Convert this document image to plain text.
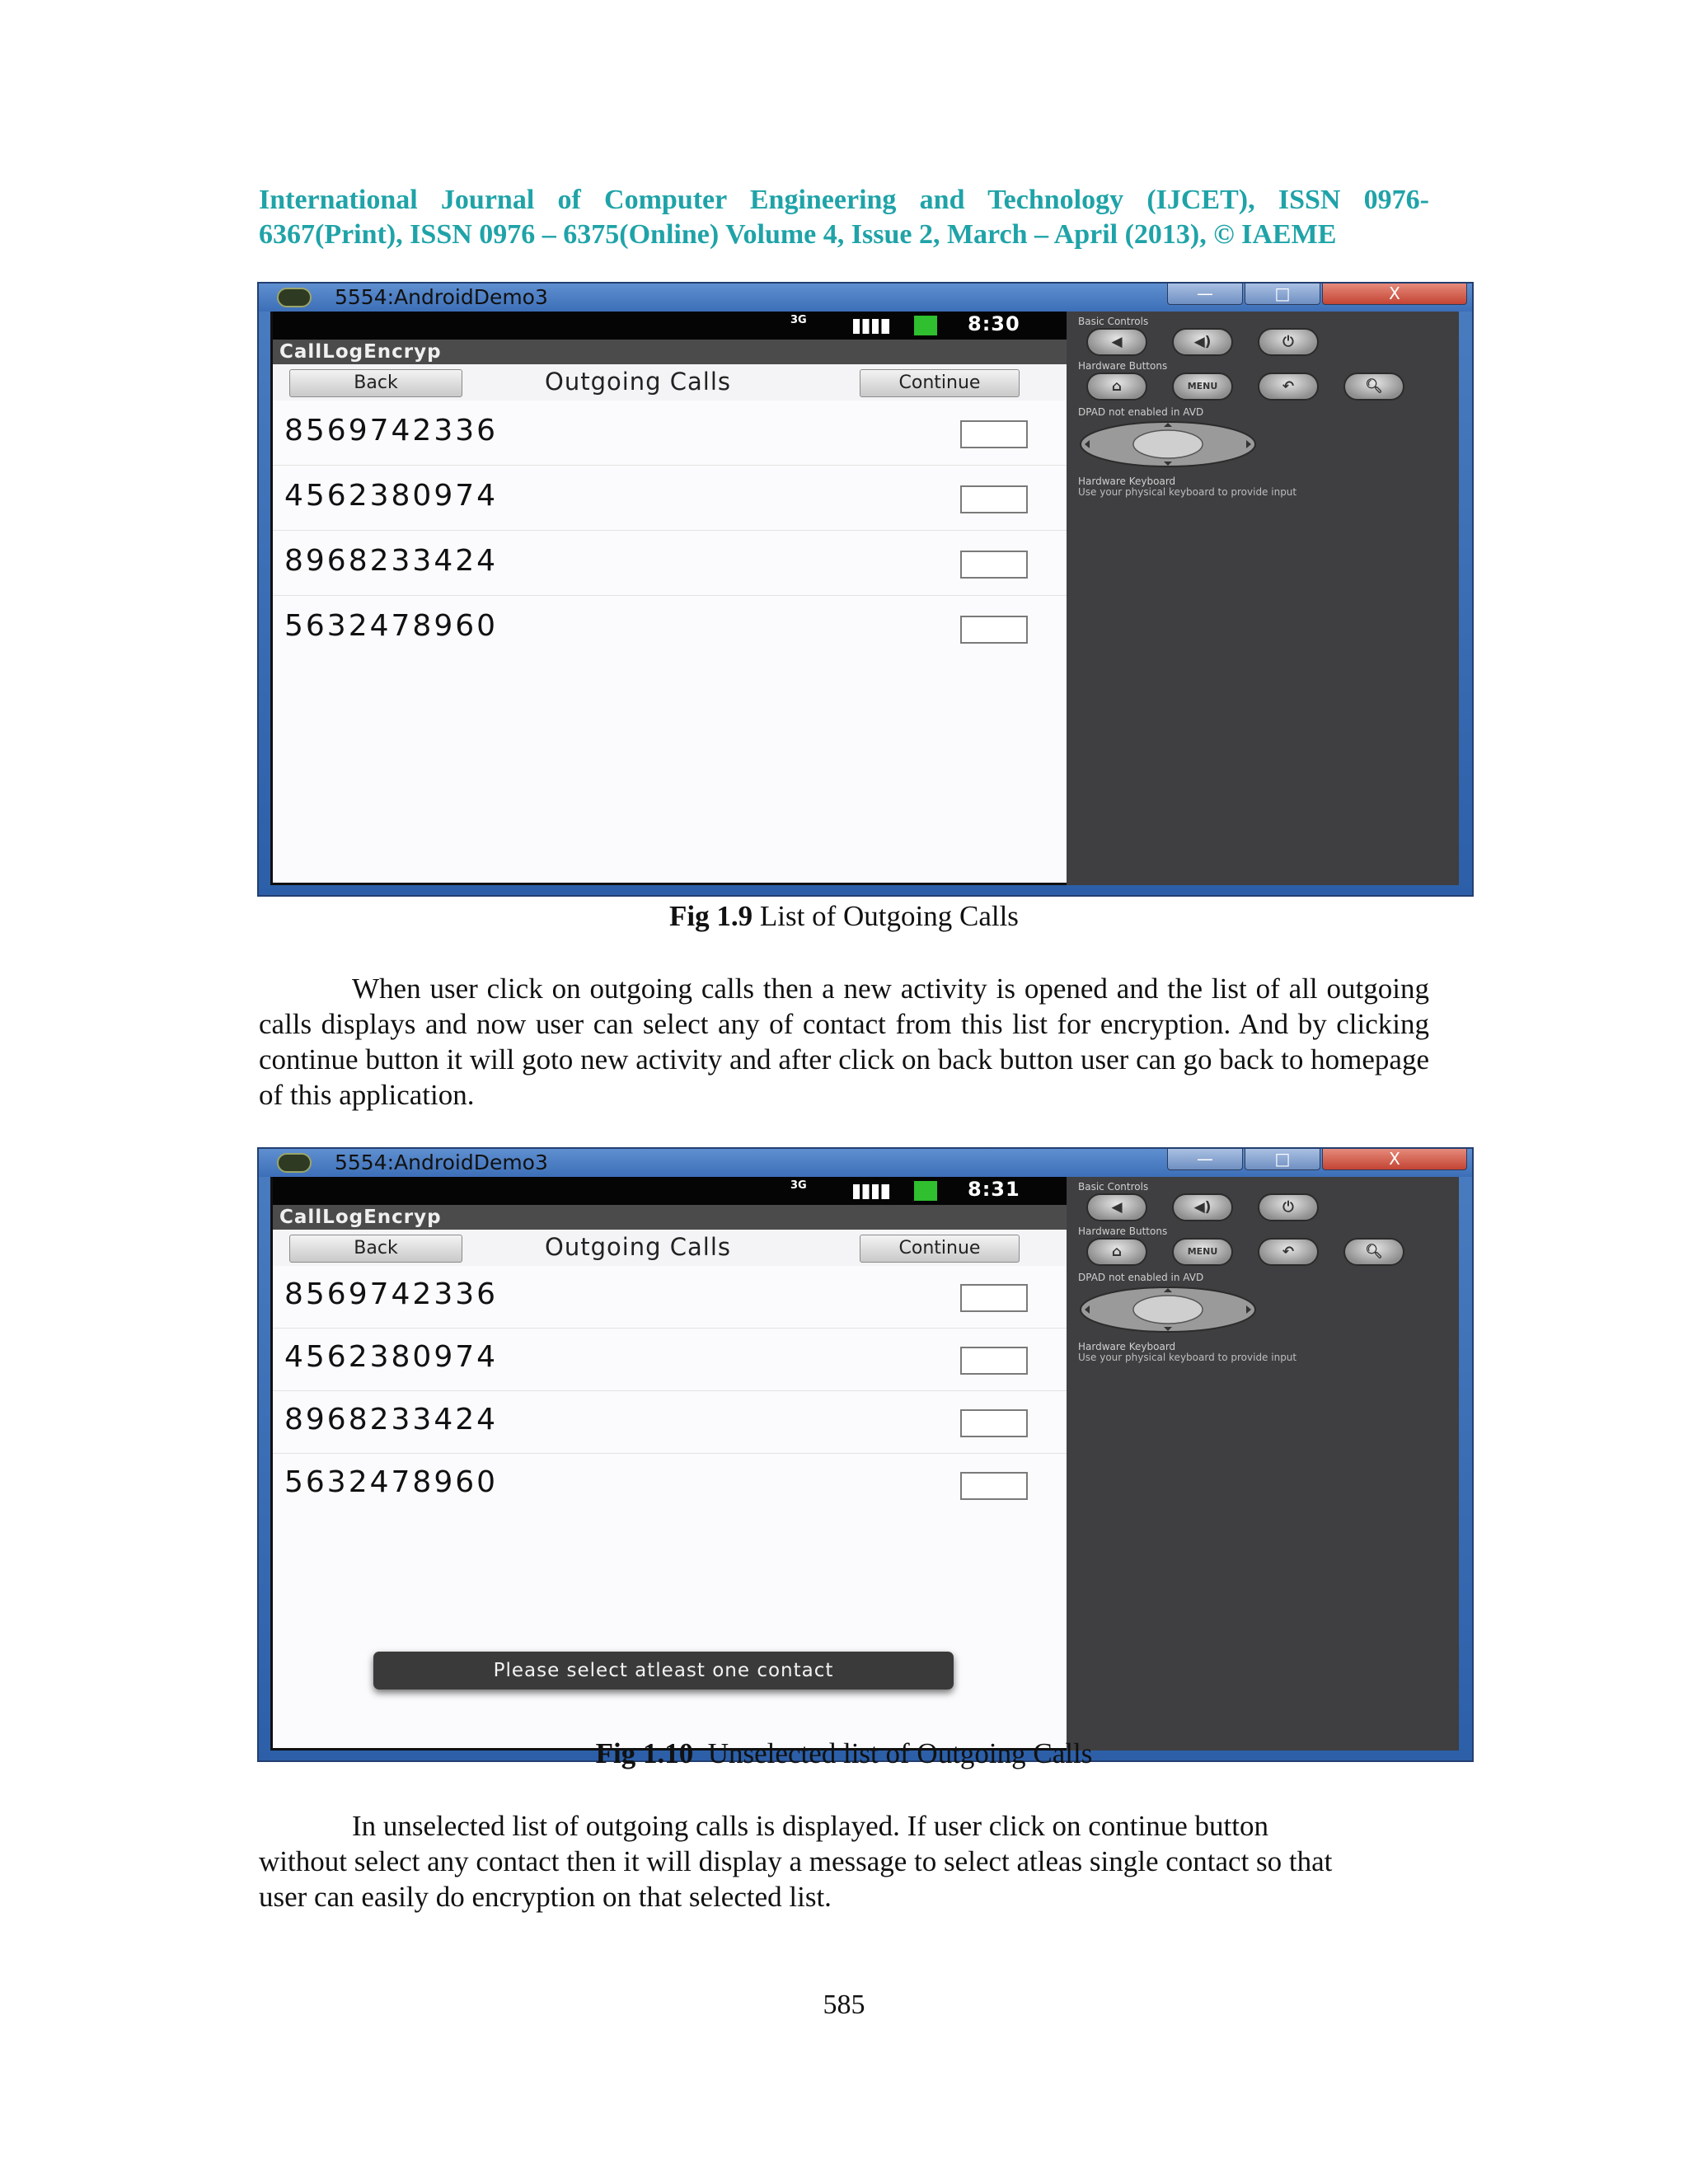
International Journal of Computer Engineering and Technology (IJCET), ISSN 0976- 6367(Print), ISSN 0976 – 6375(Online) Volume 4, Issue 2, March – April (2013), © IAEME
5554:AndroidDemo3	—	□	X
3G	8:30
CallLogEncryp
Back	Outgoing Calls	Continue
8569742336
4562380974
8968233424
5632478960
Basic Controls
◀	◀)	⏻
Hardware Buttons
⌂	MENU	↶	🔍︎
DPAD not enabled in AVD
Hardware Keyboard
Use your physical keyboard to provide input
Fig 1.9 List of Outgoing Calls
When user click on outgoing calls then a new activity is opened and the list of all outgoing calls displays and now user can select any of contact from this list for encryption. And by clicking continue button it will goto new activity and after click on back button user can go back to homepage of this application.
5554:AndroidDemo3	—	□	X
3G	8:31
CallLogEncryp
Back	Outgoing Calls	Continue
8569742336
4562380974
8968233424
5632478960
Please select atleast one contact
Basic Controls
◀	◀)	⏻
Hardware Buttons
⌂	MENU	↶	🔍︎
DPAD not enabled in AVD
Hardware Keyboard
Use your physical keyboard to provide input
Fig 1.10  Unselected list of Outgoing Calls
In unselected list of outgoing calls is displayed. If user click on continue button
without select any contact then it will display a message to select atleas single contact so that
user can easily do encryption on that selected list.
585
